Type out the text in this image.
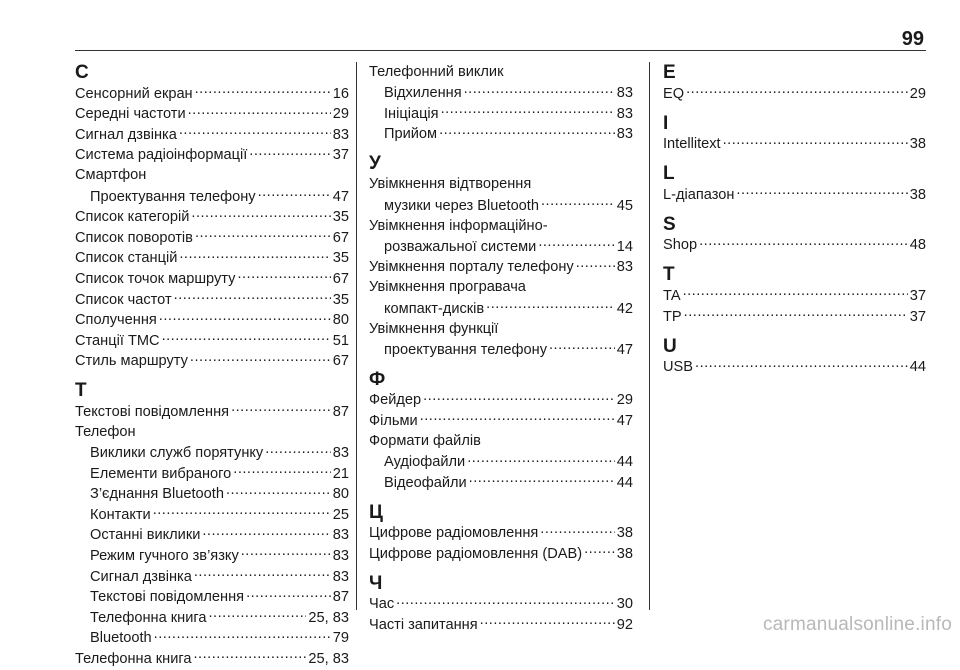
99
С
Сенсорний екран .....	16
Середні частоти .....	29
Сигнал дзвінка .....	83
Система радіоінформації .....	37
Смартфон
Проектування телефону .....	47
Список категорій .....	35
Список поворотів .....	67
Список станцій .....	35
Список точок маршруту .....	67
Список частот .....	35
Сполучення .....	80
Станції TMC .....	51
Стиль маршруту .....	67
Т
Текстові повідомлення .....	87
Телефон
Виклики служб порятунку .....	83
Елементи вибраного .....	21
З’єднання Bluetooth .....	80
Контакти .....	25
Останні виклики .....	83
Режим гучного зв’язку .....	83
Сигнал дзвінка .....	83
Текстові повідомлення .....	87
Телефонна книга .....	25, 83
Bluetooth .....	79
Телефонна книга .....	25, 83
Телефонний виклик
Відхилення .....	83
Ініціація .....	83
Прийом .....	83
У
Увімкнення відтворення
музики через Bluetooth .....	45
Увімкнення інформаційно-
розважальної системи .....	14
Увімкнення порталу телефону .....	83
Увімкнення програвача
компакт-дисків .....	42
Увімкнення функції
проектування телефону .....	47
Ф
Фейдер .....	29
Фільми .....	47
Формати файлів
Аудіофайли .....	44
Відеофайли .....	44
Ц
Цифрове радіомовлення .....	38
Цифрове радіомовлення (DAB) ..... 38
Ч
Час .....	30
Часті запитання .....	92
E
EQ .....	29
I
Intellitext .....	38
L
L-діапазон .....	38
S
Shop .....	48
T
TA .....	37
TP .....	37
U
USB .....	44
carmanualsonline.info
